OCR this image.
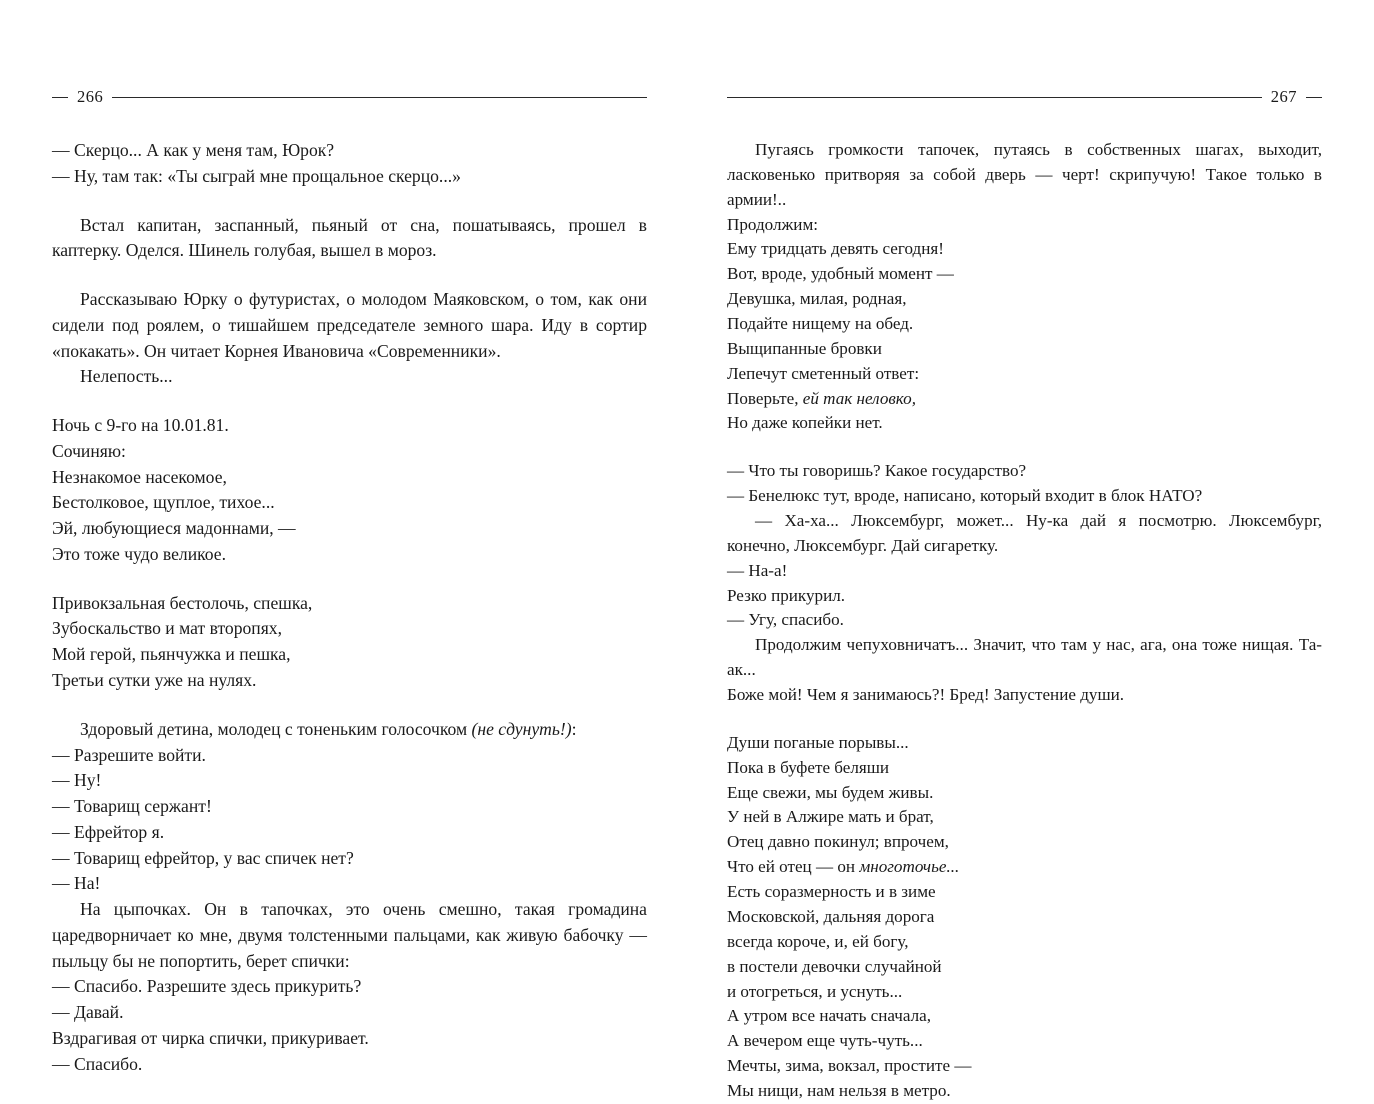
266

— Скерцо... А как у меня там, Юрок?

— Ну, там так: «Ты сыграй мне прощальное скерцо...»

Встал капитан, заспанный, пьяный от сна, пошатываясь, прошел в каптерку. Оделся. Шинель голубая, вышел в мороз.

Рассказываю Юрку о футуристах, о молодом Маяковском, о том, как они сидели под роялем, о тишайшем председателе земного шара. Иду в сортир «покакать». Он читает Корнея Ивановича «Современники».

Нелепость...

Ночь с 9-го на 10.01.81.

Сочиняю:

Незнакомое насекомое,

Бестолковое, щуплое, тихое...

Эй, любующиеся мадоннами, —

Это тоже чудо великое.

Привокзальная бестолочь, спешка,

Зубоскальство и мат второпях,

Мой герой, пьянчужка и пешка,

Третьи сутки уже на нулях.

Здоровый детина, молодец с тоненьким голосочком (не сдунуть!):

— Разрешите войти.

— Ну!

— Товарищ сержант!

— Ефрейтор я.

— Товарищ ефрейтор, у вас спичек нет?

— На!

На цыпочках. Он в тапочках, это очень смешно, такая громадина царедворничает ко мне, двумя толстенными пальцами, как живую бабочку — пыльцу бы не попортить, берет спички:

— Спасибо. Разрешите здесь прикурить?

— Давай.

Вздрагивая от чирка спички, прикуривает.

— Спасибо.

267

Пугаясь громкости тапочек, путаясь в собственных шагах, выходит, ласковенько притворяя за собой дверь — черт! скрипучую! Такое только в армии!..

Продолжим:

Ему тридцать девять сегодня!

Вот, вроде, удобный момент —

Девушка, милая, родная,

Подайте нищему на обед.

Выщипанные бровки

Лепечут сметенный ответ:

Поверьте, ей так неловко,

Но даже копейки нет.

— Что ты говоришь? Какое государство?

— Бенелюкс тут, вроде, написано, который входит в блок НАТО?

— Ха-ха... Люксембург, может... Ну-ка дай я посмотрю. Люксембург, конечно, Люксембург. Дай сигаретку.

— На-а!

Резко прикурил.

— Угу, спасибо.

Продолжим чепуховничатъ... Значит, что там у нас, ага, она тоже нищая. Та-ак...

Боже мой! Чем я занимаюсь?! Бред! Запустение души.

Души поганые порывы...

Пока в буфете беляши

Еще свежи, мы будем живы.

У ней в Алжире мать и брат,

Отец давно покинул; впрочем,

Что ей отец — он многоточье...

Есть соразмерность и в зиме

Московской, дальняя дорога

всегда короче, и, ей богу,

в постели девочки случайной

и отогреться, и уснуть...

А утром все начать сначала,

А вечером еще чуть-чуть...

Мечты, зима, вокзал, простите —

Мы нищи, нам нельзя в метро.
